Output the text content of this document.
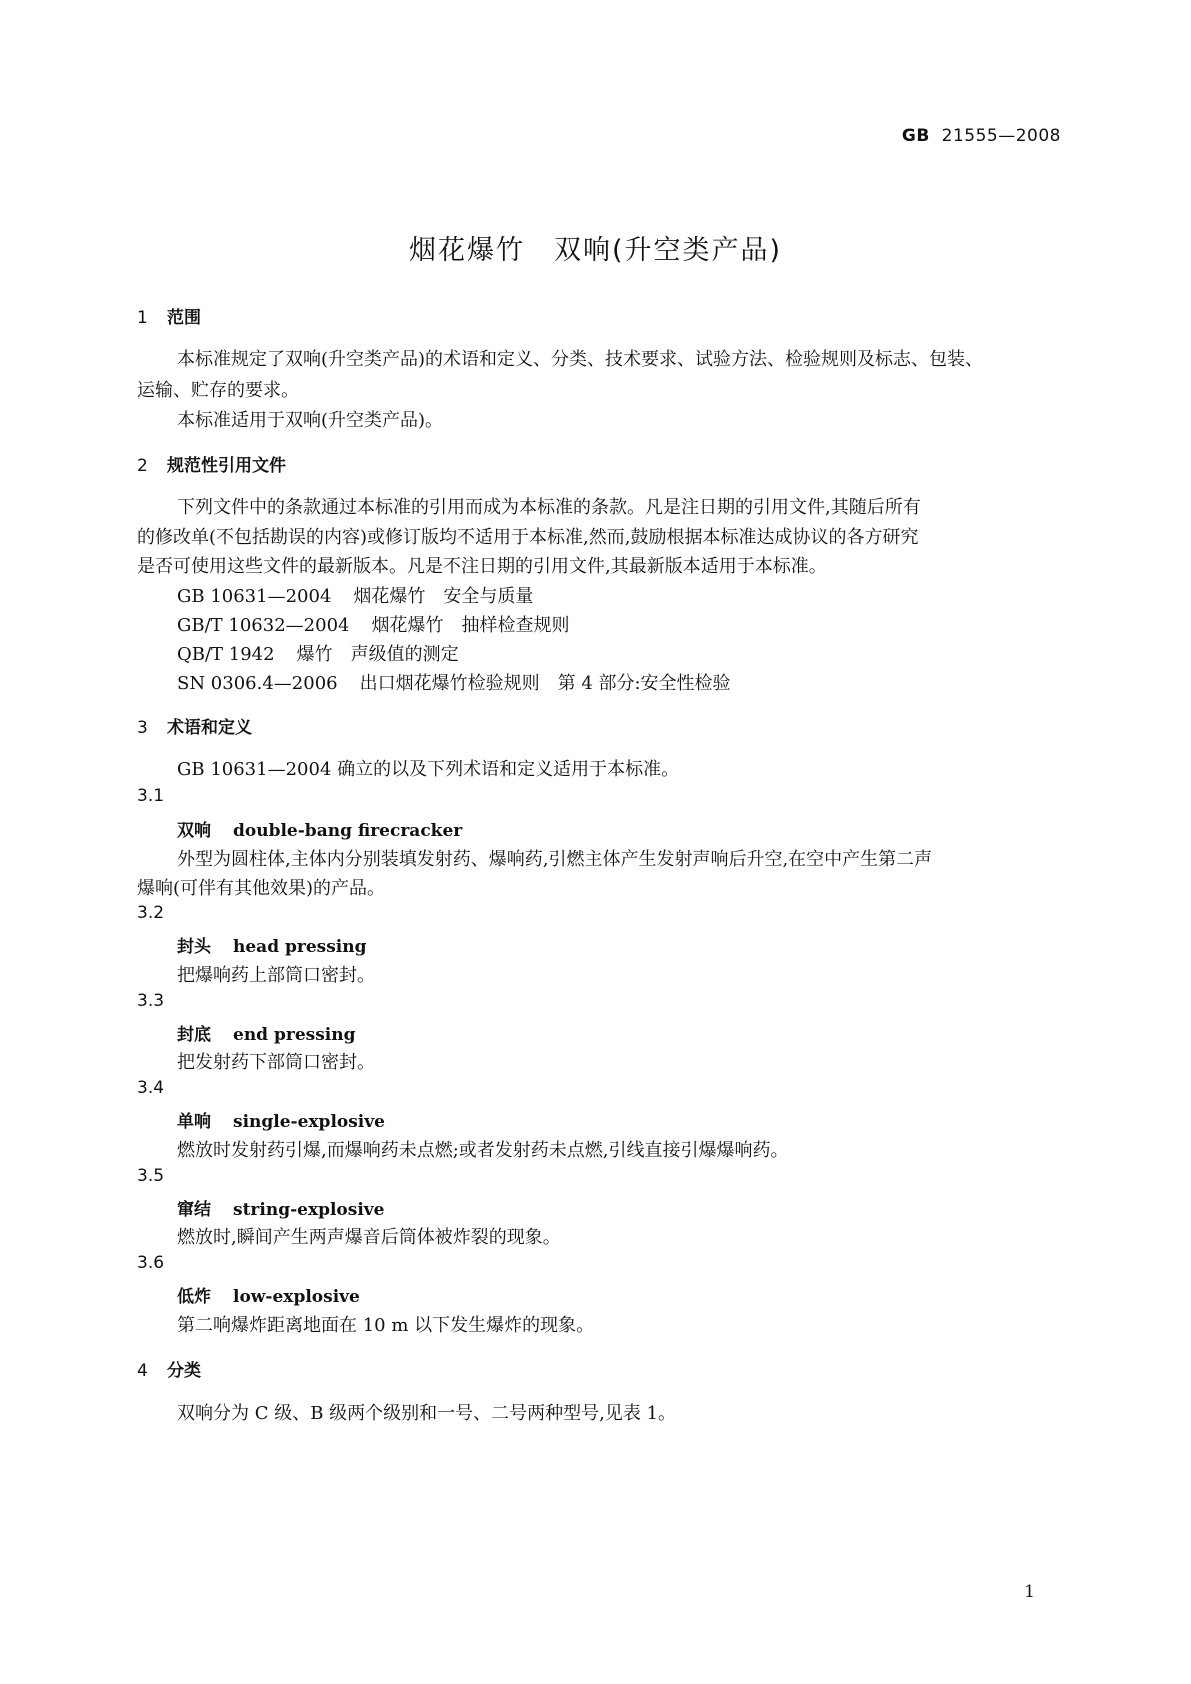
GB 21555—2008
烟花爆竹　双响(升空类产品)
1 范围
本标准规定了双响(升空类产品)的术语和定义、分类、技术要求、试验方法、检验规则及标志、包装、
运输、贮存的要求。
本标准适用于双响(升空类产品)。
2 规范性引用文件
下列文件中的条款通过本标准的引用而成为本标准的条款。凡是注日期的引用文件,其随后所有
的修改单(不包括勘误的内容)或修订版均不适用于本标准,然而,鼓励根据本标准达成协议的各方研究
是否可使用这些文件的最新版本。凡是不注日期的引用文件,其最新版本适用于本标准。
GB 10631—2004 烟花爆竹　安全与质量
GB/T 10632—2004 烟花爆竹　抽样检查规则
QB/T 1942 爆竹　声级值的测定
SN 0306.4—2006 出口烟花爆竹检验规则　第 4 部分:安全性检验
3 术语和定义
GB 10631—2004 确立的以及下列术语和定义适用于本标准。
3.1
双响 double-bang firecracker
外型为圆柱体,主体内分别装填发射药、爆响药,引燃主体产生发射声响后升空,在空中产生第二声
爆响(可伴有其他效果)的产品。
3.2
封头 head pressing
把爆响药上部筒口密封。
3.3
封底 end pressing
把发射药下部筒口密封。
3.4
单响 single-explosive
燃放时发射药引爆,而爆响药未点燃;或者发射药未点燃,引线直接引爆爆响药。
3.5
窜结 string-explosive
燃放时,瞬间产生两声爆音后筒体被炸裂的现象。
3.6
低炸 low-explosive
第二响爆炸距离地面在 10 m 以下发生爆炸的现象。
4 分类
双响分为 C 级、B 级两个级别和一号、二号两种型号,见表 1。
1
